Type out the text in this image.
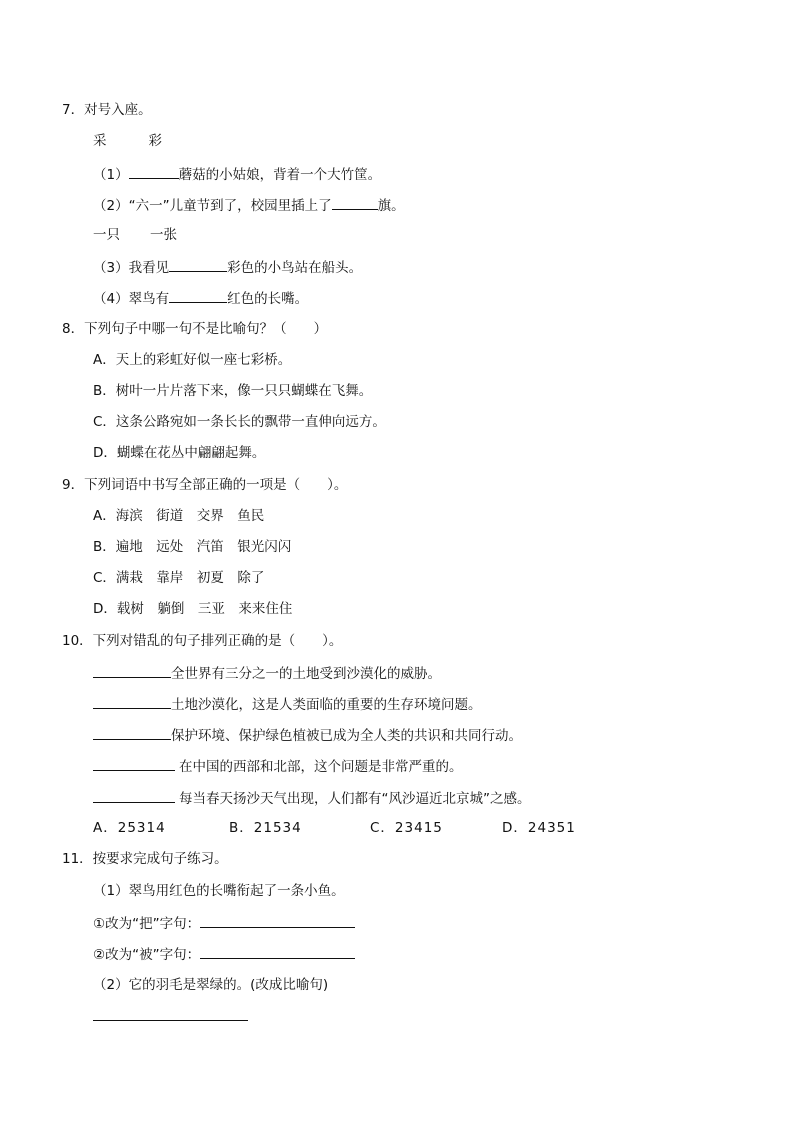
7．对号入座。
采	彩
（1）	蘑菇的小姑娘，背着一个大竹筐。
（2）“六一”儿童节到了，校园里插上了	旗。
一只 一张
（3）我看见	彩色的小鸟站在船头。
（4）翠鸟有	红色的长嘴。
8．下列句子中哪一句不是比喻句？（　　）
A．天上的彩虹好似一座七彩桥。
B．树叶一片片落下来，像一只只蝴蝶在飞舞。
C．这条公路宛如一条长长的飘带一直伸向远方。
D．蝴蝶在花丛中翩翩起舞。
9．下列词语中书写全部正确的一项是（　　）。
A．海滨　街道　交界　鱼民
B．遍地　远处　汽笛　银光闪闪
C．满栽　靠岸　初夏　除了
D．载树　躺倒　三亚　来来住住
10．下列对错乱的句子排列正确的是（　　）。
全世界有三分之一的土地受到沙漠化的威胁。
土地沙漠化，这是人类面临的重要的生存环境问题。
保护环境、保护绿色植被已成为全人类的共识和共同行动。
在中国的西部和北部，这个问题是非常严重的。
每当春天扬沙天气出现，人们都有“风沙逼近北京城”之感。
A．25314	B．21534	C．23415	D．24351
11．按要求完成句子练习。
（1）翠鸟用红色的长嘴衔起了一条小鱼。
①改为“把”字句：
②改为“被”字句：
（2）它的羽毛是翠绿的。(改成比喻句)
